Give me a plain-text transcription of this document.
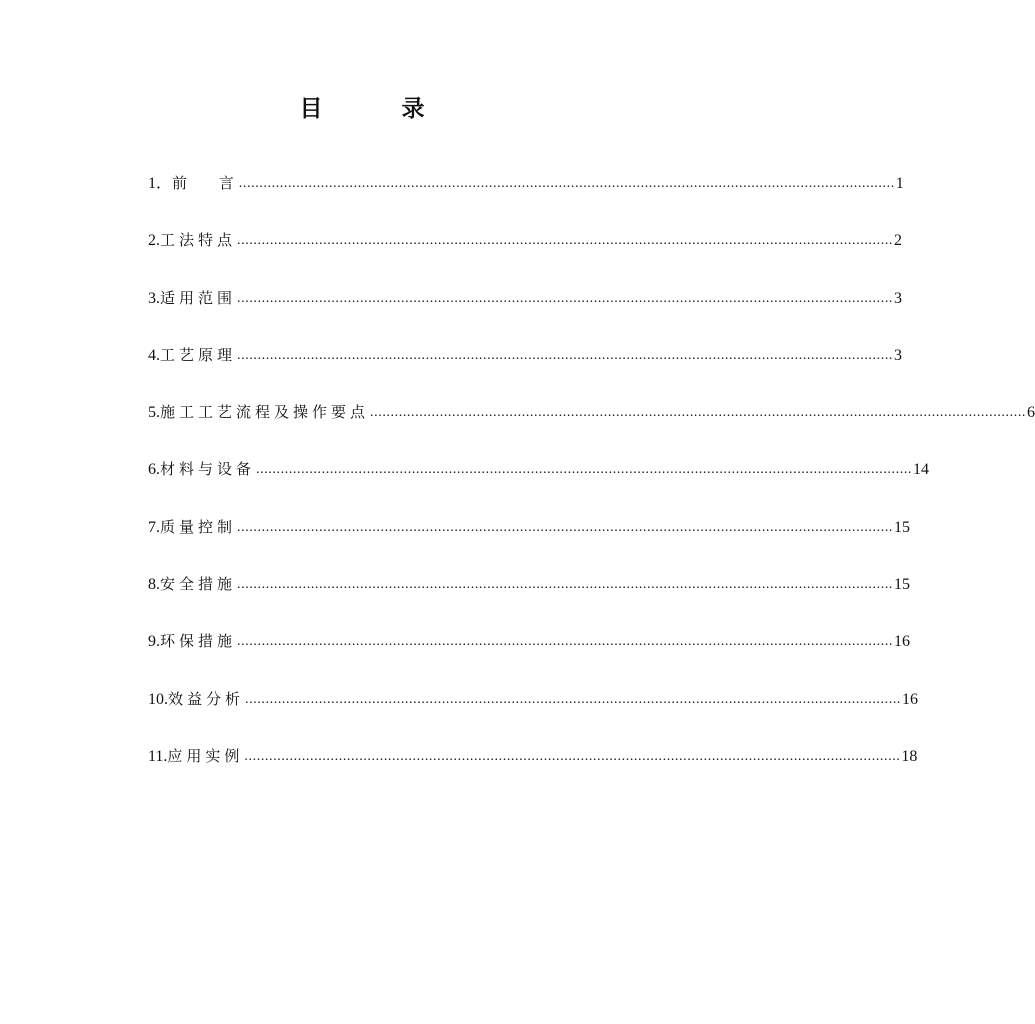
目　录
1． 前　 言 ................................................................................................................................................................ 1
2. 工法特点 ................................................................................................................................................................ 2
3. 适用范围 ................................................................................................................................................................ 3
4. 工艺原理 ................................................................................................................................................................ 3
5. 施工工艺流程及操作要点 ................................................................................................................................................................ 6
6. 材料与设备 ................................................................................................................................................................ 14
7. 质量控制 ................................................................................................................................................................ 15
8. 安全措施 ................................................................................................................................................................ 15
9. 环保措施 ................................................................................................................................................................ 16
10. 效益分析 ................................................................................................................................................................ 16
11. 应用实例 ................................................................................................................................................................ 18
